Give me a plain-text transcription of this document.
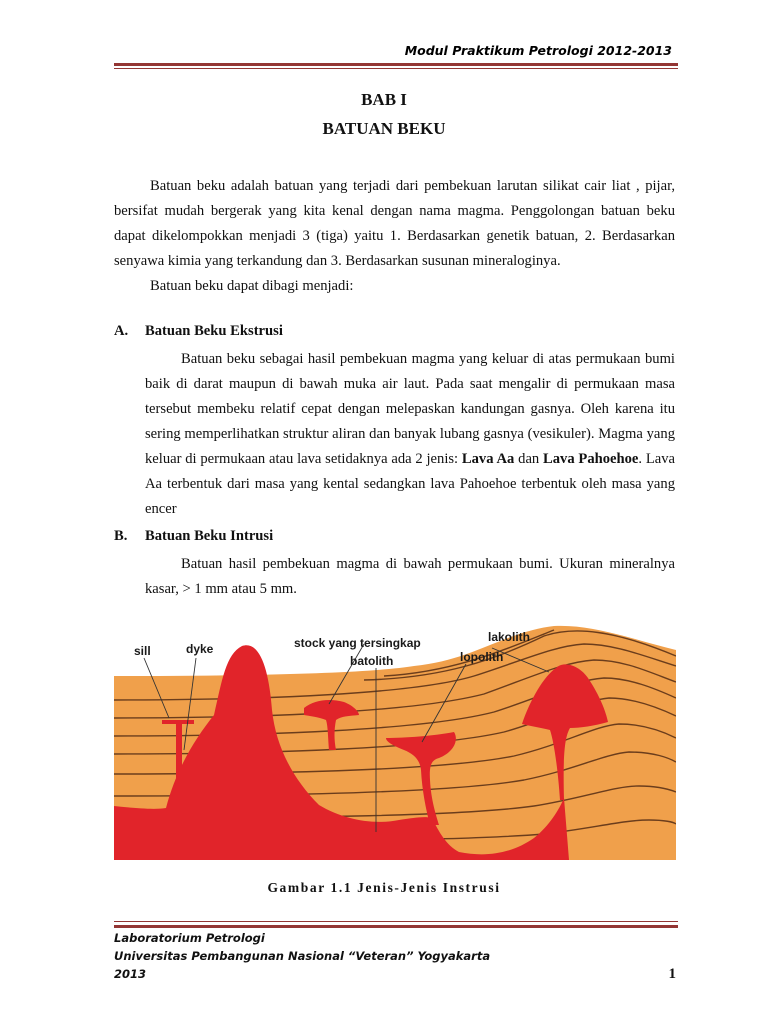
Modul Praktikum Petrologi 2012-2013
BAB I
BATUAN BEKU

Batuan beku adalah batuan yang terjadi dari pembekuan larutan silikat cair liat , pijar, bersifat mudah bergerak yang kita kenal dengan nama magma. Penggolongan batuan beku dapat dikelompokkan menjadi 3 (tiga) yaitu 1. Berdasarkan genetik batuan, 2. Berdasarkan senyawa kimia yang terkandung dan 3. Berdasarkan susunan mineraloginya.

Batuan beku dapat dibagi menjadi:

A. Batuan Beku Ekstrusi

Batuan beku sebagai hasil pembekuan magma yang keluar di atas permukaan bumi baik di darat maupun di bawah muka air laut. Pada saat mengalir di permukaan masa tersebut membeku relatif cepat dengan melepaskan kandungan gasnya. Oleh karena itu sering memperlihatkan struktur aliran dan banyak lubang gasnya (vesikuler). Magma yang keluar di permukaan atau lava setidaknya ada 2 jenis: Lava Aa dan Lava Pahoehoe. Lava Aa terbentuk dari masa yang kental sedangkan lava Pahoehoe terbentuk oleh masa yang encer

B. Batuan Beku Intrusi

Batuan hasil pembekuan magma di bawah permukaan bumi. Ukuran mineralnya kasar, > 1 mm atau 5 mm.

sill	dyke	stock yang tersingkap
batolith
lakolith
lopolith
Gambar 1.1 Jenis-Jenis Instrusi
Laboratorium Petrologi
Universitas Pembangunan Nasional “Veteran” Yogyakarta
2013	1
